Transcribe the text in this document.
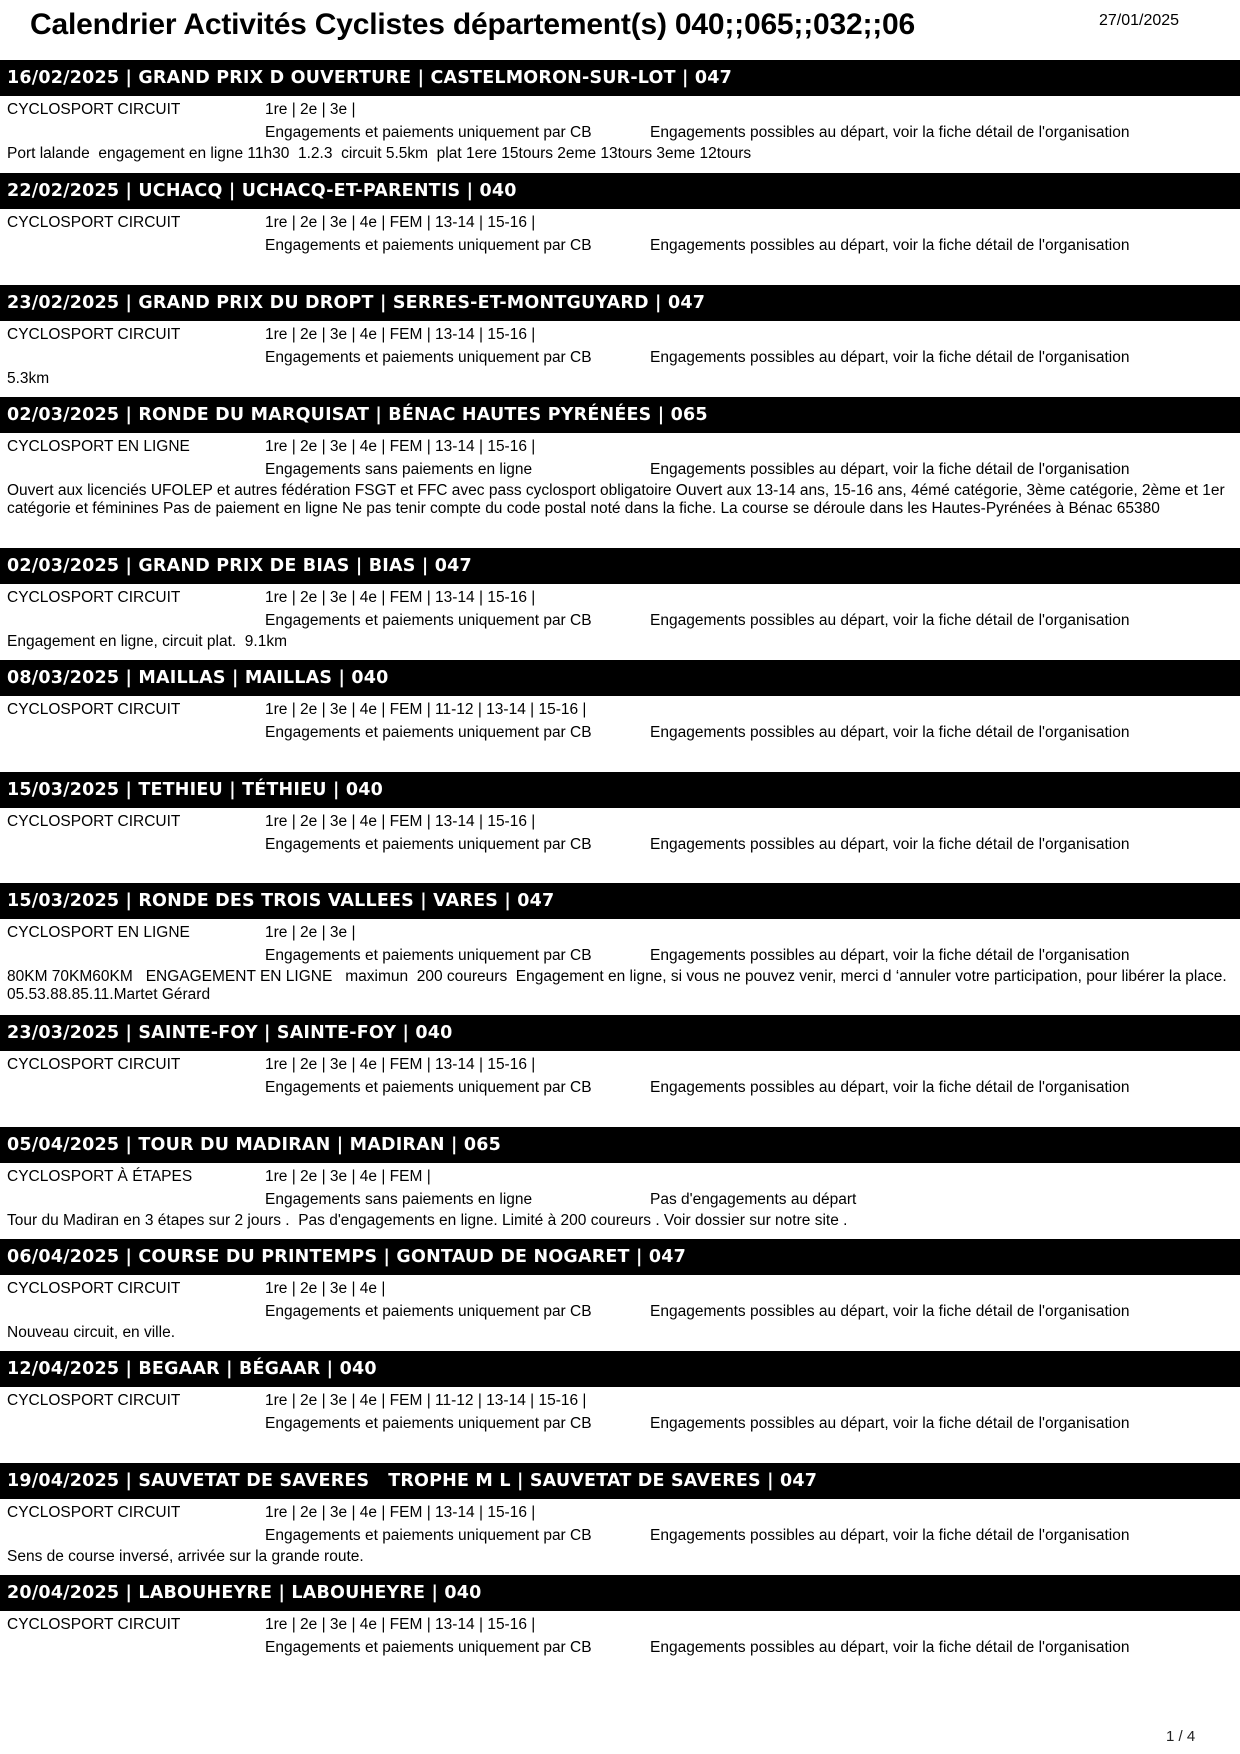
Calendrier Activités Cyclistes département(s) 040;;065;;032;;06	27/01/2025
16/02/2025 | GRAND PRIX D OUVERTURE | CASTELMORON-SUR-LOT | 047
CYCLOSPORT CIRCUIT	1re | 2e | 3e |
Engagements et paiements uniquement par CB	Engagements possibles au départ, voir la fiche détail de l'organisation
Port lalande  engagement en ligne 11h30  1.2.3  circuit 5.5km  plat 1ere 15tours 2eme 13tours 3eme 12tours
22/02/2025 | UCHACQ | UCHACQ-ET-PARENTIS | 040
CYCLOSPORT CIRCUIT	1re | 2e | 3e | 4e | FEM | 13-14 | 15-16 |
Engagements et paiements uniquement par CB	Engagements possibles au départ, voir la fiche détail de l'organisation
23/02/2025 | GRAND PRIX DU DROPT | SERRES-ET-MONTGUYARD | 047
CYCLOSPORT CIRCUIT	1re | 2e | 3e | 4e | FEM | 13-14 | 15-16 |
Engagements et paiements uniquement par CB	Engagements possibles au départ, voir la fiche détail de l'organisation
5.3km
02/03/2025 | RONDE DU MARQUISAT | BÉNAC HAUTES PYRÉNÉES | 065
CYCLOSPORT EN LIGNE	1re | 2e | 3e | 4e | FEM | 13-14 | 15-16 |
Engagements sans paiements en ligne	Engagements possibles au départ, voir la fiche détail de l'organisation
Ouvert aux licenciés UFOLEP et autres fédération FSGT et FFC avec pass cyclosport obligatoire Ouvert aux 13-14 ans, 15-16 ans, 4émé catégorie, 3ème catégorie, 2ème et 1er catégorie et féminines Pas de paiement en ligne Ne pas tenir compte du code postal noté dans la fiche. La course se déroule dans les Hautes-Pyrénées à Bénac 65380
02/03/2025 | GRAND PRIX DE BIAS | BIAS | 047
CYCLOSPORT CIRCUIT	1re | 2e | 3e | 4e | FEM | 13-14 | 15-16 |
Engagements et paiements uniquement par CB	Engagements possibles au départ, voir la fiche détail de l'organisation
Engagement en ligne, circuit plat.  9.1km
08/03/2025 | MAILLAS | MAILLAS | 040
CYCLOSPORT CIRCUIT	1re | 2e | 3e | 4e | FEM | 11-12 | 13-14 | 15-16 |
Engagements et paiements uniquement par CB	Engagements possibles au départ, voir la fiche détail de l'organisation
15/03/2025 | TETHIEU | TÉTHIEU | 040
CYCLOSPORT CIRCUIT	1re | 2e | 3e | 4e | FEM | 13-14 | 15-16 |
Engagements et paiements uniquement par CB	Engagements possibles au départ, voir la fiche détail de l'organisation
15/03/2025 | RONDE DES TROIS VALLEES | VARES | 047
CYCLOSPORT EN LIGNE	1re | 2e | 3e |
Engagements et paiements uniquement par CB	Engagements possibles au départ, voir la fiche détail de l'organisation
80KM 70KM60KM   ENGAGEMENT EN LIGNE   maximun  200 coureurs  Engagement en ligne, si vous ne pouvez venir, merci d ‘annuler votre participation, pour libérer la place. 05.53.88.85.11.Martet Gérard
23/03/2025 | SAINTE-FOY | SAINTE-FOY | 040
CYCLOSPORT CIRCUIT	1re | 2e | 3e | 4e | FEM | 13-14 | 15-16 |
Engagements et paiements uniquement par CB	Engagements possibles au départ, voir la fiche détail de l'organisation
05/04/2025 | TOUR DU MADIRAN | MADIRAN | 065
CYCLOSPORT À ÉTAPES	1re | 2e | 3e | 4e | FEM |
Engagements sans paiements en ligne	Pas d'engagements au départ
Tour du Madiran en 3 étapes sur 2 jours .  Pas d'engagements en ligne. Limité à 200 coureurs . Voir dossier sur notre site .
06/04/2025 | COURSE DU PRINTEMPS | GONTAUD DE NOGARET | 047
CYCLOSPORT CIRCUIT	1re | 2e | 3e | 4e |
Engagements et paiements uniquement par CB	Engagements possibles au départ, voir la fiche détail de l'organisation
Nouveau circuit, en ville.
12/04/2025 | BEGAAR | BÉGAAR | 040
CYCLOSPORT CIRCUIT	1re | 2e | 3e | 4e | FEM | 11-12 | 13-14 | 15-16 |
Engagements et paiements uniquement par CB	Engagements possibles au départ, voir la fiche détail de l'organisation
19/04/2025 | SAUVETAT DE SAVERES   TROPHE M L | SAUVETAT DE SAVERES | 047
CYCLOSPORT CIRCUIT	1re | 2e | 3e | 4e | FEM | 13-14 | 15-16 |
Engagements et paiements uniquement par CB	Engagements possibles au départ, voir la fiche détail de l'organisation
Sens de course inversé, arrivée sur la grande route.
20/04/2025 | LABOUHEYRE | LABOUHEYRE | 040
CYCLOSPORT CIRCUIT	1re | 2e | 3e | 4e | FEM | 13-14 | 15-16 |
Engagements et paiements uniquement par CB	Engagements possibles au départ, voir la fiche détail de l'organisation
1 / 4
